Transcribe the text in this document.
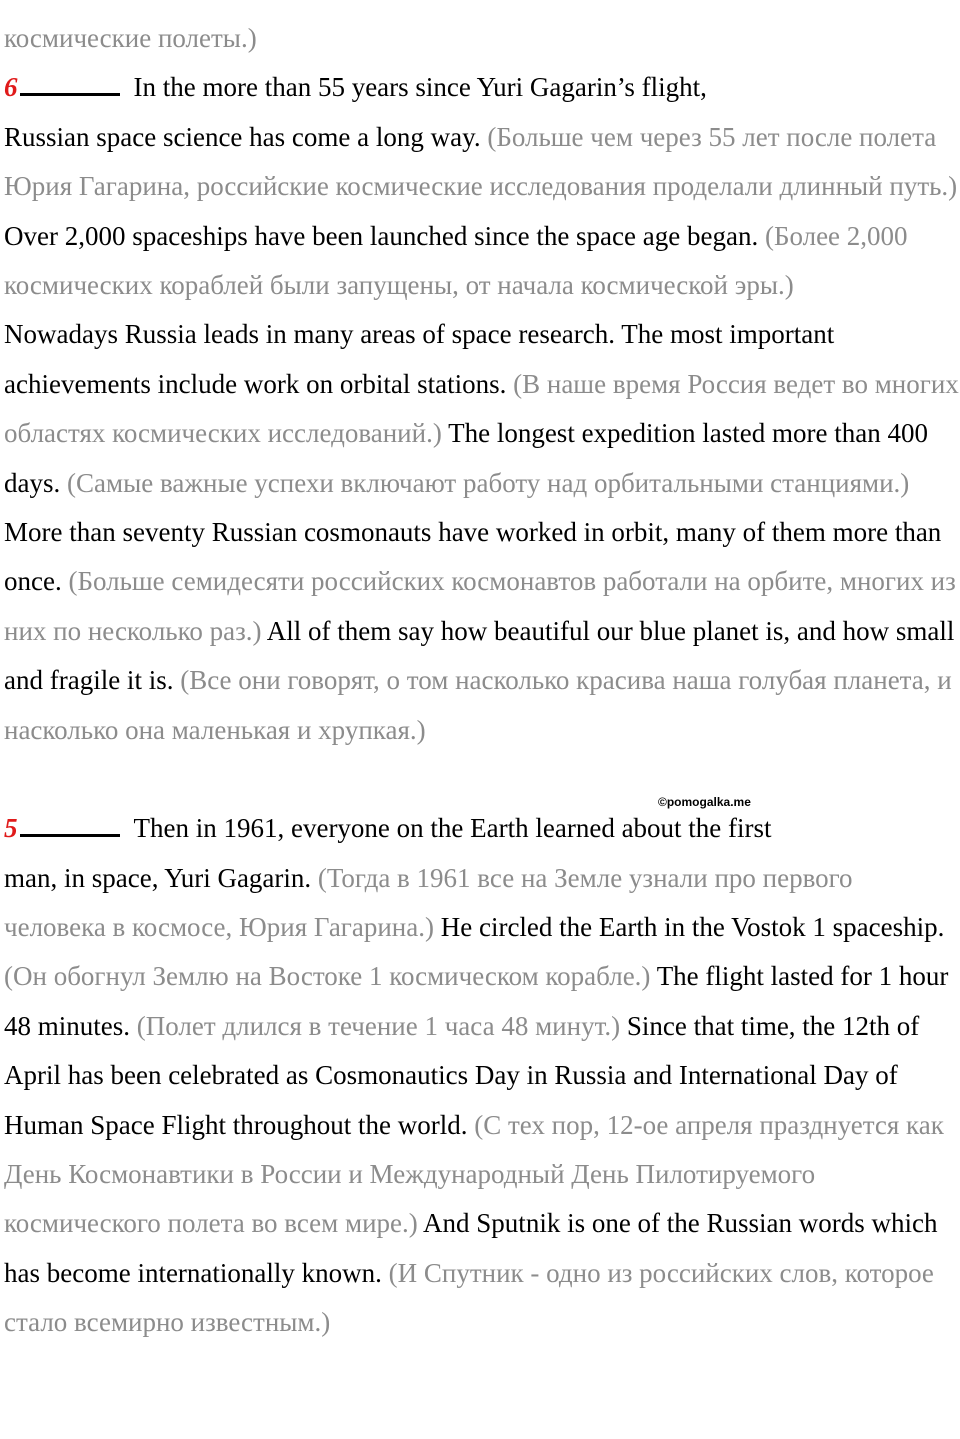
космические полеты.)

6	In the more than 55 years since Yuri Gagarin’s flight,
Russian space science has come a long way. (Больше чем через 55 лет после полета Юрия Гагарина, российские космические исследования проделали длинный путь.) Over 2,000 spaceships have been launched since the space age began. (Более 2,000 космических кораблей были запущены, от начала космической эры.)
Nowadays Russia leads in many areas of space research. The most important achievements include work on orbital stations. (В наше время Россия ведет во многих областях космических исследований.) The longest expedition lasted more than 400 days. (Самые важные успехи включают работу над орбитальными станциями.) More than seventy Russian cosmonauts have worked in orbit, many of them more than once. (Больше семидесяти российских космонавтов работали на орбите, многих из них по несколько раз.) All of them say how beautiful our blue planet is, and how small and fragile it is. (Все они говорят, о том насколько красива наша голубая планета, и насколько она маленькая и хрупкая.)
©pomogalka.me
5	Then in 1961, everyone on the Earth learned about the first
man, in space, Yuri Gagarin. (Тогда в 1961 все на Земле узнали про первого человека в космосе, Юрия Гагарина.) He circled the Earth in the Vostok 1 spaceship. (Он обогнул Землю на Востоке 1 космическом корабле.) The flight lasted for 1 hour 48 minutes. (Полет длился в течение 1 часа 48 минут.) Since that time, the 12th of April has been celebrated as Cosmonautics Day in Russia and International Day of Human Space Flight throughout the world. (С тех пор, 12-ое апреля празднуется как День Космонавтики в России и Международный День Пилотируемого космического полета во всем мире.) And Sputnik is one of the Russian words which has become internationally known. (И Спутник - одно из российских слов, которое стало всемирно известным.)
